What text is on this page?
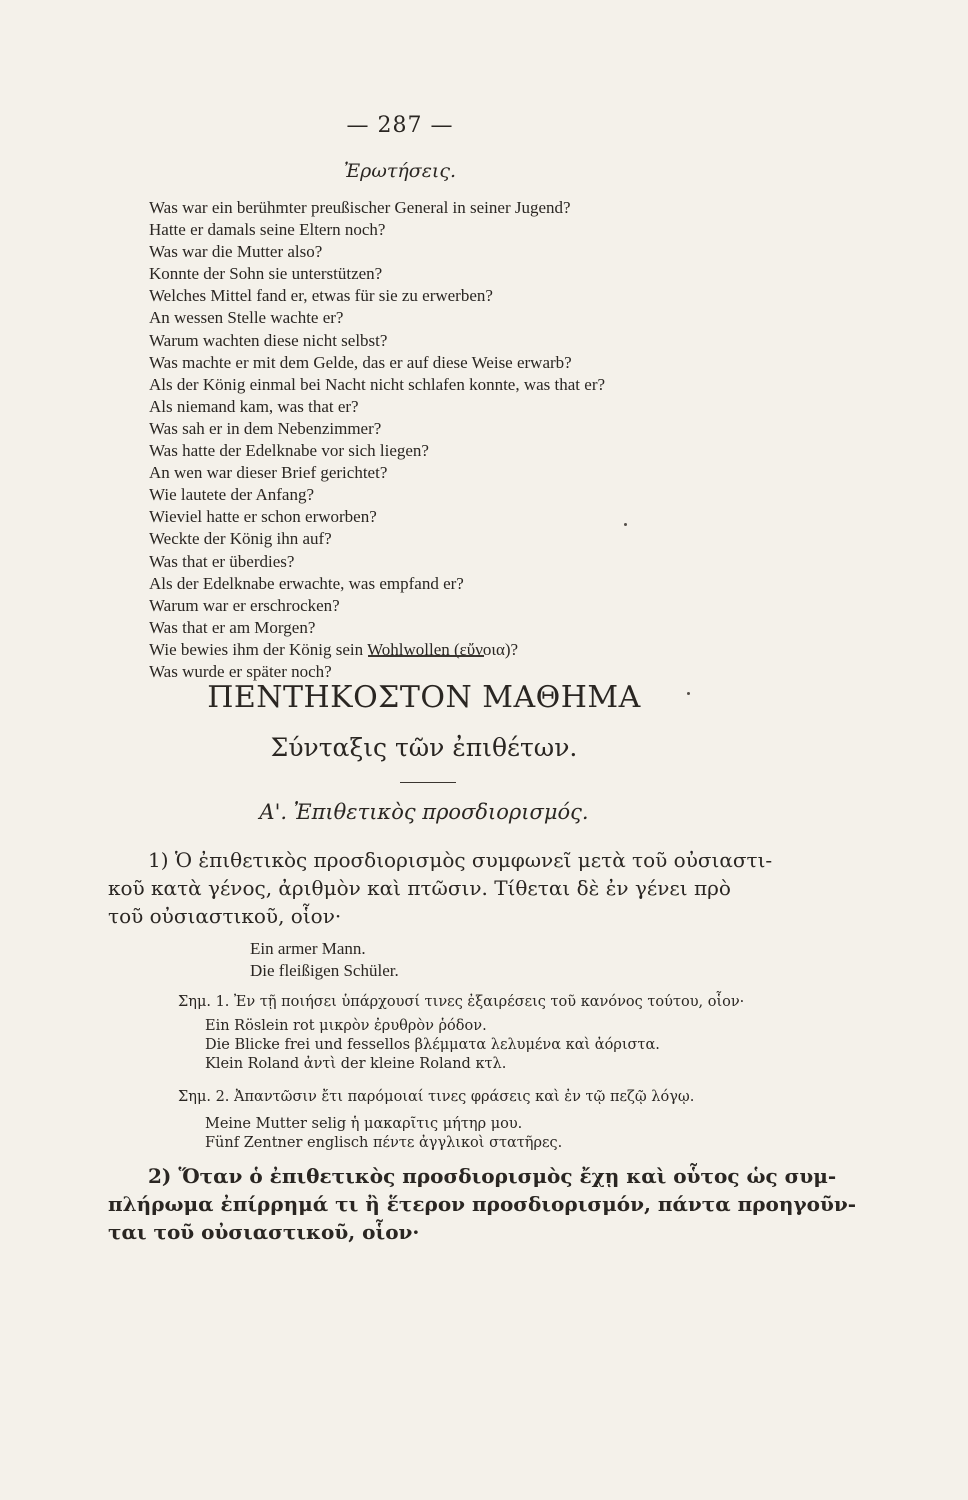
— 287 —
Ἐρωτήσεις.
Was war ein berühmter preußischer General in seiner Jugend?
Hatte er damals seine Eltern noch?
Was war die Mutter also?
Konnte der Sohn sie unterstützen?
Welches Mittel fand er, etwas für sie zu erwerben?
An wessen Stelle wachte er?
Warum wachten diese nicht selbst?
Was machte er mit dem Gelde, das er auf diese Weise erwarb?
Als der König einmal bei Nacht nicht schlafen konnte, was that er?
Als niemand kam, was that er?
Was sah er in dem Nebenzimmer?
Was hatte der Edelknabe vor sich liegen?
An wen war dieser Brief gerichtet?
Wie lautete der Anfang?
Wieviel hatte er schon erworben?
Weckte der König ihn auf?
Was that er überdies?
Als der Edelknabe erwachte, was empfand er?
Warum war er erschrocken?
Was that er am Morgen?
Wie bewies ihm der König sein Wohlwollen (εὔνοια)?
Was wurde er später noch?
ΠΕΝΤΗΚΟΣΤΟΝ ΜΑΘΗΜΑ
Σύνταξις τῶν ἐπιθέτων.
Α'. Ἐπιθετικὸς προσδιορισμός.
1) Ὁ ἐπιθετικὸς προσδιορισμὸς συμφωνεῖ μετὰ τοῦ οὐσιαστι-
κοῦ κατὰ γένος, ἀριθμὸν καὶ πτῶσιν. Τίθεται δὲ ἐν γένει πρὸ
τοῦ οὐσιαστικοῦ, οἷον·
Ein armer Mann.
Die fleißigen Schüler.
Σημ. 1. Ἐν τῇ ποιήσει ὑπάρχουσί τινες ἐξαιρέσεις τοῦ κανόνος τούτου, οἷον·
Ein Röslein rot μικρὸν ἐρυθρὸν ῥόδον.
Die Blicke frei und fessellos βλέμματα λελυμένα καὶ ἀόριστα.
Klein Roland ἀντὶ der kleine Roland κτλ.
Σημ. 2. Ἀπαντῶσιν ἔτι παρόμοιαί τινες φράσεις καὶ ἐν τῷ πεζῷ λόγῳ.
Meine Mutter selig ἡ μακαρῖτις μήτηρ μου.
Fünf Zentner englisch πέντε ἀγγλικοὶ στατῆρες.
2) Ὅταν ὁ ἐπιθετικὸς προσδιορισμὸς ἔχῃ καὶ οὗτος ὡς συμ-
πλήρωμα ἐπίρρημά τι ἢ ἕτερον προσδιορισμόν, πάντα προηγοῦν-
ται τοῦ οὐσιαστικοῦ, οἷον·
